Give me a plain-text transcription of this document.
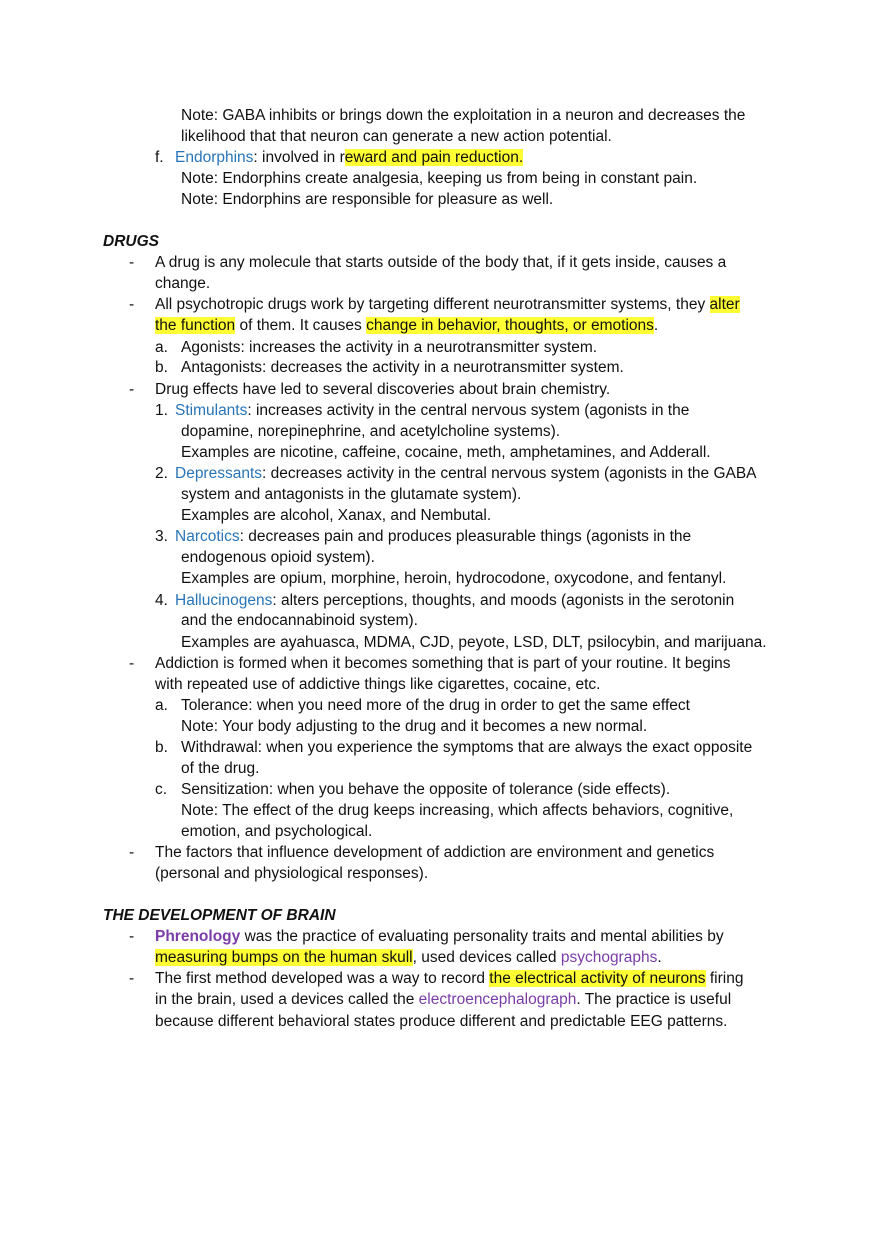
Note: GABA inhibits or brings down the exploitation in a neuron and decreases the
likelihood that that neuron can generate a new action potential.
f. Endorphins: involved in reward and pain reduction.
Note: Endorphins create analgesia, keeping us from being in constant pain.
Note: Endorphins are responsible for pleasure as well.
DRUGS
- A drug is any molecule that starts outside of the body that, if it gets inside, causes a
change.
- All psychotropic drugs work by targeting different neurotransmitter systems, they alter
the function of them. It causes change in behavior, thoughts, or emotions.
a. Agonists: increases the activity in a neurotransmitter system.
b. Antagonists: decreases the activity in a neurotransmitter system.
- Drug effects have led to several discoveries about brain chemistry.
1. Stimulants: increases activity in the central nervous system (agonists in the
dopamine, norepinephrine, and acetylcholine systems).
Examples are nicotine, caffeine, cocaine, meth, amphetamines, and Adderall.
2. Depressants: decreases activity in the central nervous system (agonists in the GABA
system and antagonists in the glutamate system).
Examples are alcohol, Xanax, and Nembutal.
3. Narcotics: decreases pain and produces pleasurable things (agonists in the
endogenous opioid system).
Examples are opium, morphine, heroin, hydrocodone, oxycodone, and fentanyl.
4. Hallucinogens: alters perceptions, thoughts, and moods (agonists in the serotonin
and the endocannabinoid system).
Examples are ayahuasca, MDMA, CJD, peyote, LSD, DLT, psilocybin, and marijuana.
- Addiction is formed when it becomes something that is part of your routine. It begins
with repeated use of addictive things like cigarettes, cocaine, etc.
a. Tolerance: when you need more of the drug in order to get the same effect
Note: Your body adjusting to the drug and it becomes a new normal.
b. Withdrawal: when you experience the symptoms that are always the exact opposite
of the drug.
c. Sensitization: when you behave the opposite of tolerance (side effects).
Note: The effect of the drug keeps increasing, which affects behaviors, cognitive,
emotion, and psychological.
- The factors that influence development of addiction are environment and genetics
(personal and physiological responses).
THE DEVELOPMENT OF BRAIN
- Phrenology was the practice of evaluating personality traits and mental abilities by
measuring bumps on the human skull, used devices called psychographs.
- The first method developed was a way to record the electrical activity of neurons firing
in the brain, used a devices called the electroencephalograph. The practice is useful
because different behavioral states produce different and predictable EEG patterns.
